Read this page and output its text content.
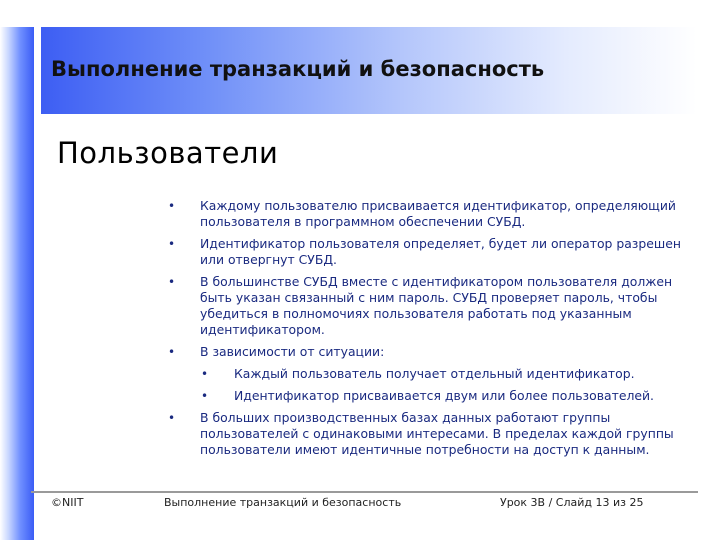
Выполнение транзакций и безопасность
Пользователи
• Каждому пользователю присваивается идентификатор, определяющий пользователя в программном обеспечении СУБД.
• Идентификатор пользователя определяет, будет ли оператор разрешен или отвергнут СУБД.
• В большинстве СУБД вместе с идентификатором пользователя должен быть указан связанный с ним пароль. СУБД проверяет пароль, чтобы убедиться в полномочиях пользователя работать под указанным идентификатором.
• В зависимости от ситуации:
• Каждый пользователь получает отдельный идентификатор.
• Идентификатор присваивается двум или более пользователей.
• В больших производственных базах данных работают группы пользователей с одинаковыми интересами. В пределах каждой группы пользователи имеют идентичные потребности на доступ к данным.
©NIIT	Выполнение транзакций и безопасность	Урок 3В / Слайд 13 из 25
